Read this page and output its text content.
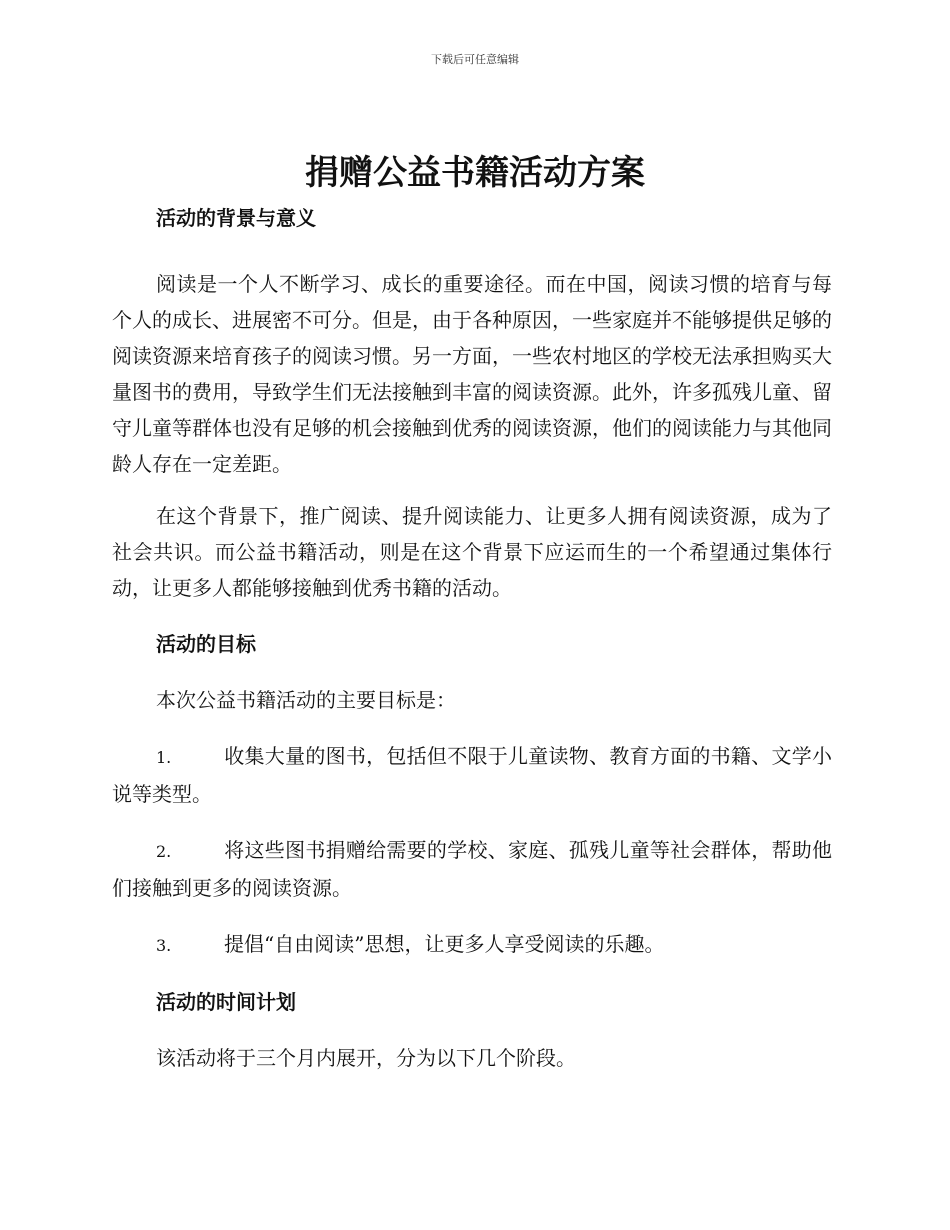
下载后可任意编辑
捐赠公益书籍活动方案
活动的背景与意义

阅读是一个人不断学习、成长的重要途径。而在中国，阅读习惯的培育与每个人的成长、进展密不可分。但是，由于各种原因，一些家庭并不能够提供足够的阅读资源来培育孩子的阅读习惯。另一方面，一些农村地区的学校无法承担购买大量图书的费用，导致学生们无法接触到丰富的阅读资源。此外，许多孤残儿童、留守儿童等群体也没有足够的机会接触到优秀的阅读资源，他们的阅读能力与其他同龄人存在一定差距。

在这个背景下，推广阅读、提升阅读能力、让更多人拥有阅读资源，成为了社会共识。而公益书籍活动，则是在这个背景下应运而生的一个希望通过集体行动，让更多人都能够接触到优秀书籍的活动。

活动的目标

本次公益书籍活动的主要目标是：

1.	收集大量的图书，包括但不限于儿童读物、教育方面的书籍、文学小说等类型。

2.	将这些图书捐赠给需要的学校、家庭、孤残儿童等社会群体，帮助他们接触到更多的阅读资源。

3.	提倡“自由阅读”思想，让更多人享受阅读的乐趣。

活动的时间计划

该活动将于三个月内展开，分为以下几个阶段。
